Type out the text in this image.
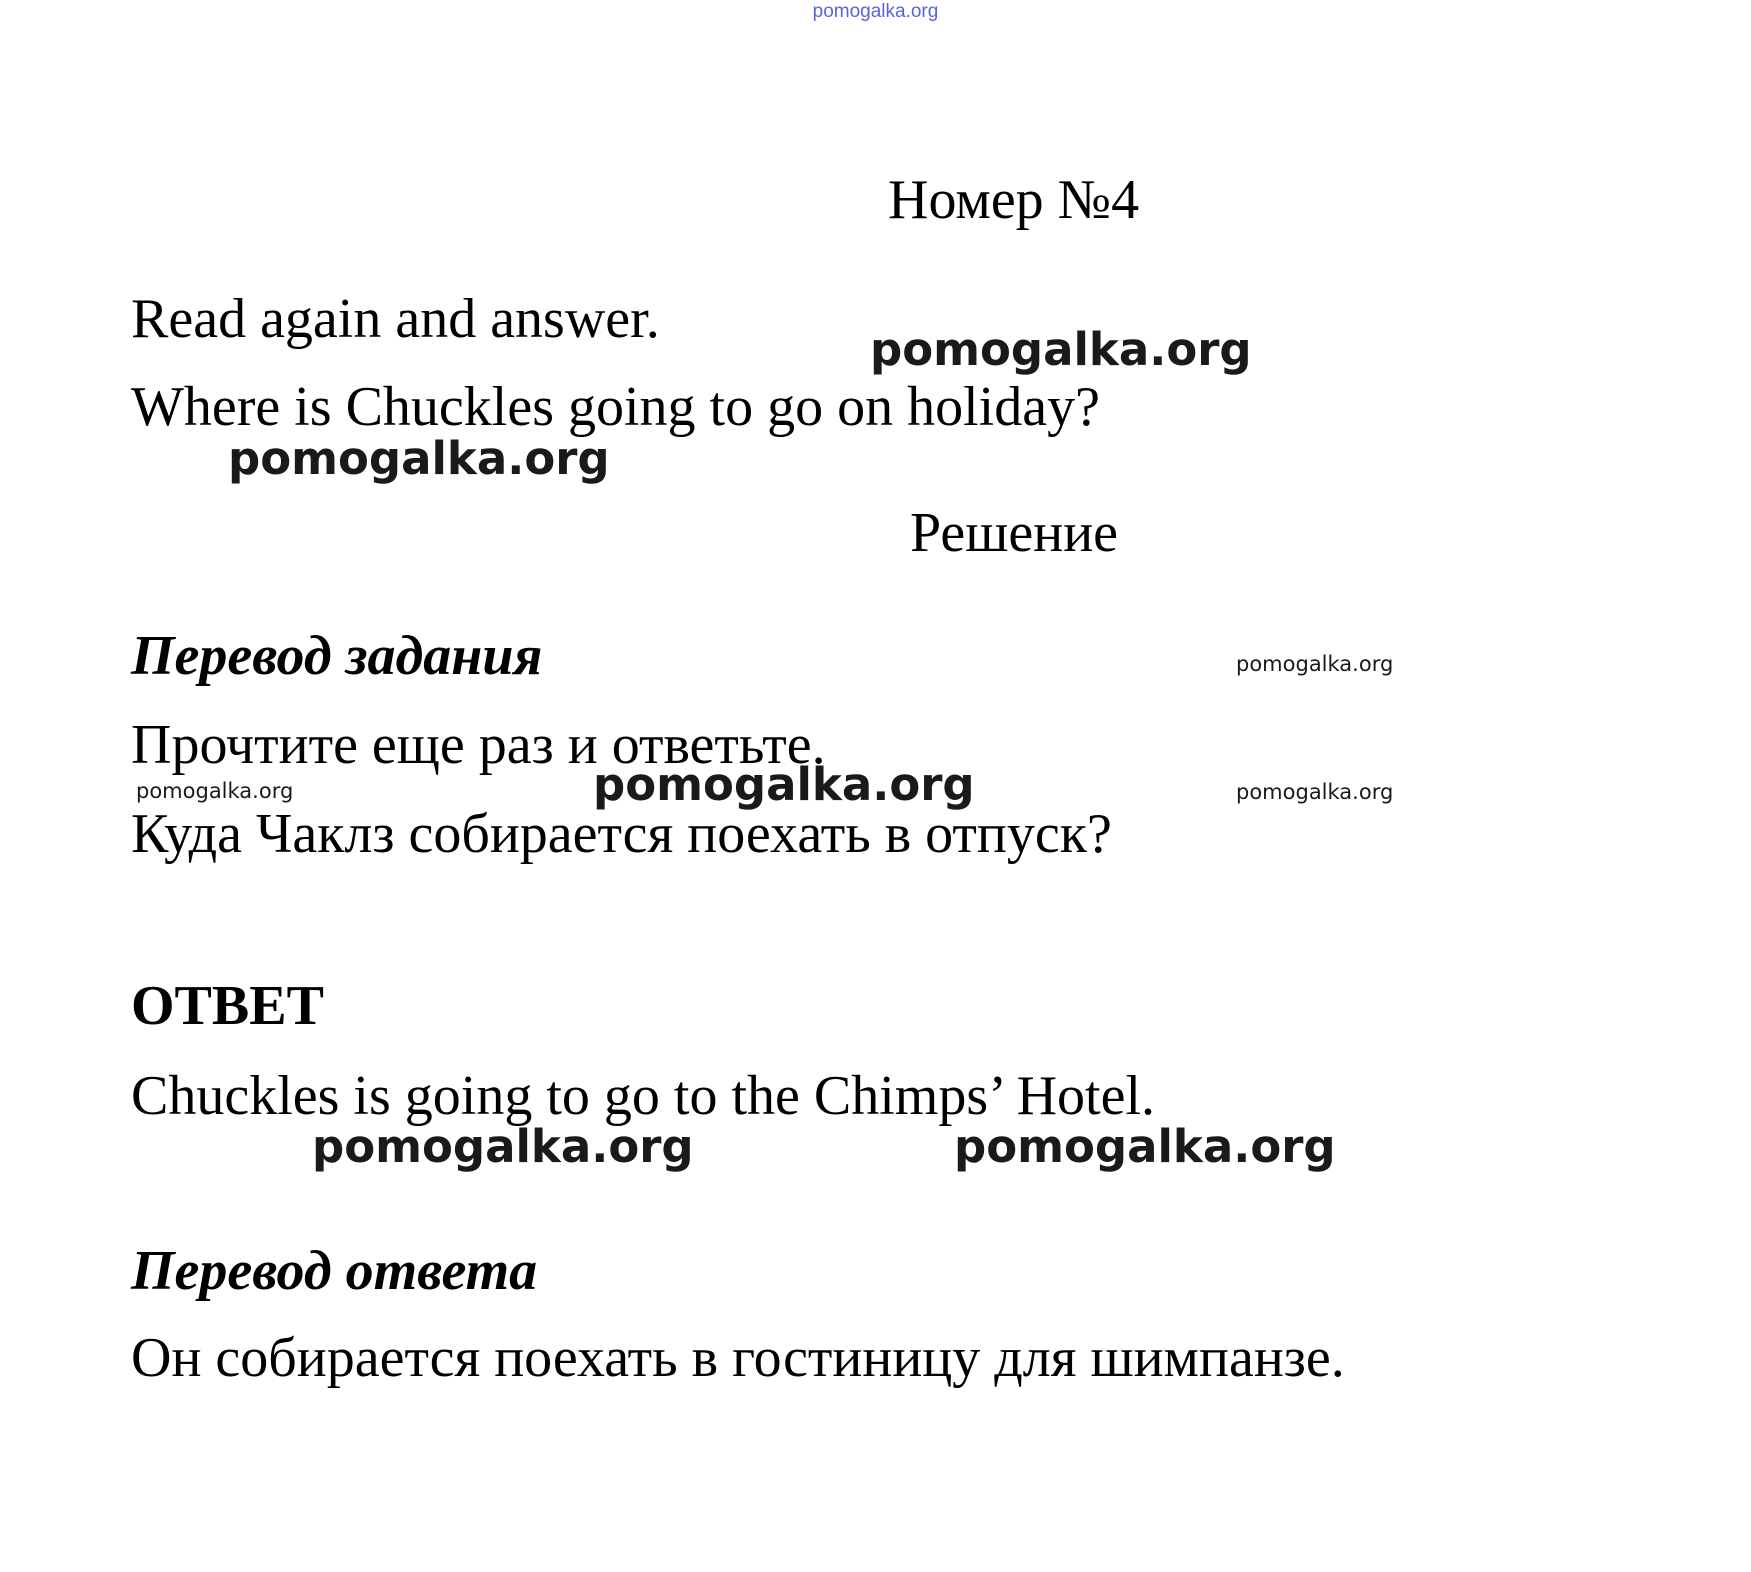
pomogalka.org
Номер №4
Read again and answer.	pomogalka.org
Where is Chuckles going to go on holiday?
pomogalka.org
Решение
Перевод задания	pomogalka.org
Прочтите еще раз и ответьте.
pomogalka.org	pomogalka.org	pomogalka.org
Куда Чаклз собирается поехать в отпуск?
ОТВЕТ
Chuckles is going to go to the Chimps’ Hotel.
pomogalka.org	pomogalka.org
Перевод ответа
Он собирается поехать в гостиницу для шимпанзе.
